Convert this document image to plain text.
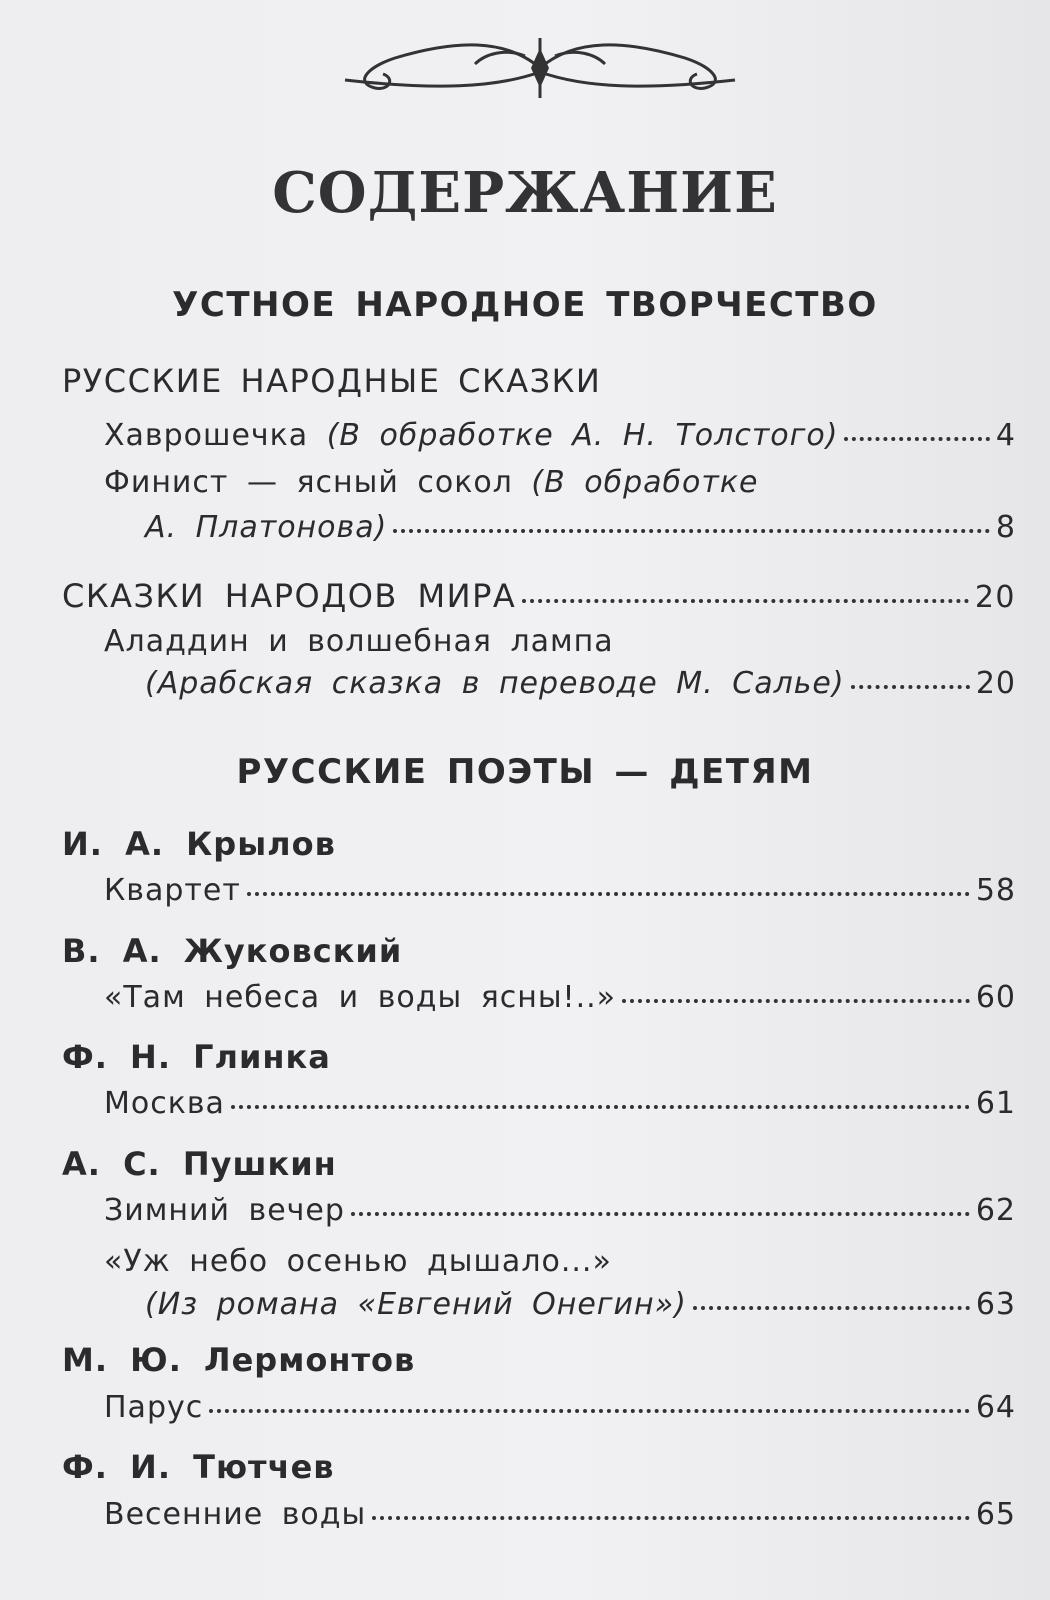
СОДЕРЖАНИЕ
УСТНОЕ НАРОДНОЕ ТВОРЧЕСТВО
РУССКИЕ НАРОДНЫЕ СКАЗКИ
Хаврошечка (В обработке А. Н. Толстого)	4
Финист — ясный сокол (В обработке
А. Платонова)	8
СКАЗКИ НАРОДОВ МИРА	20
Аладдин и волшебная лампа
(Арабская сказка в переводе М. Салье)	20
РУССКИЕ ПОЭТЫ — ДЕТЯМ
И. А. Крылов
Квартет	58
В. А. Жуковский
«Там небеса и воды ясны!..»	60
Ф. Н. Глинка
Москва	61
А. С. Пушкин
Зимний вечер	62
«Уж небо осенью дышало...»
(Из романа «Евгений Онегин»)	63
М. Ю. Лермонтов
Парус	64
Ф. И. Тютчев
Весенние воды	65
